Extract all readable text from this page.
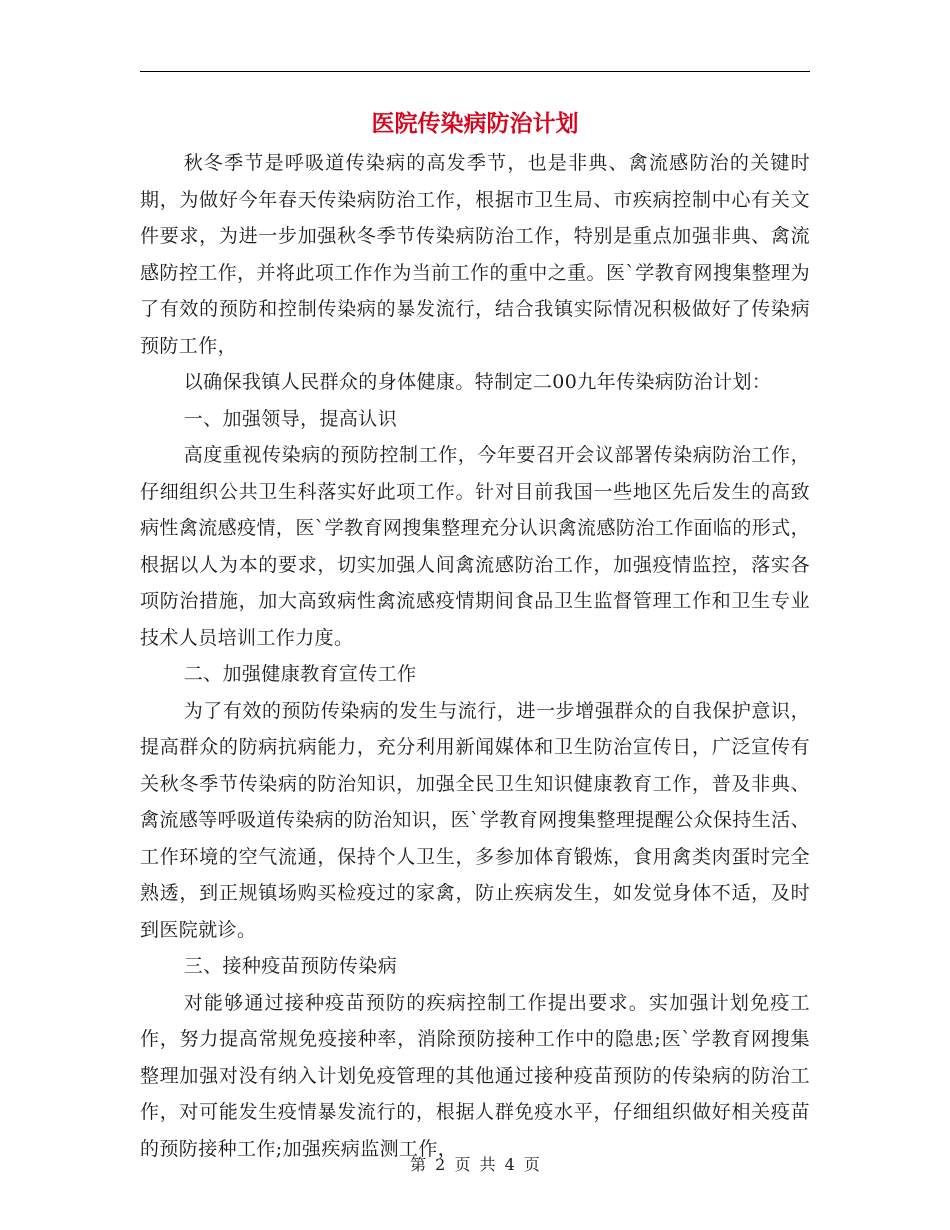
医院传染病防治计划

秋冬季节是呼吸道传染病的高发季节，也是非典、禽流感防治的关键时期，为做好今年春天传染病防治工作，根据市卫生局、市疾病控制中心有关文件要求，为进一步加强秋冬季节传染病防治工作，特别是重点加强非典、禽流感防控工作，并将此项工作作为当前工作的重中之重。医`学教育网搜集整理为了有效的预防和控制传染病的暴发流行，结合我镇实际情况积极做好了传染病预防工作，

以确保我镇人民群众的身体健康。特制定二00九年传染病防治计划：

一、加强领导，提高认识

高度重视传染病的预防控制工作，今年要召开会议部署传染病防治工作，仔细组织公共卫生科落实好此项工作。针对目前我国一些地区先后发生的高致病性禽流感疫情，医`学教育网搜集整理充分认识禽流感防治工作面临的形式，根据以人为本的要求，切实加强人间禽流感防治工作，加强疫情监控，落实各项防治措施，加大高致病性禽流感疫情期间食品卫生监督管理工作和卫生专业技术人员培训工作力度。

二、加强健康教育宣传工作

为了有效的预防传染病的发生与流行，进一步增强群众的自我保护意识，提高群众的防病抗病能力，充分利用新闻媒体和卫生防治宣传日，广泛宣传有关秋冬季节传染病的防治知识，加强全民卫生知识健康教育工作，普及非典、禽流感等呼吸道传染病的防治知识，医`学教育网搜集整理提醒公众保持生活、工作环境的空气流通，保持个人卫生，多参加体育锻炼，食用禽类肉蛋时完全熟透，到正规镇场购买检疫过的家禽，防止疾病发生，如发觉身体不适，及时到医院就诊。

三、接种疫苗预防传染病

对能够通过接种疫苗预防的疾病控制工作提出要求。实加强计划免疫工作，努力提高常规免疫接种率，消除预防接种工作中的隐患;医`学教育网搜集整理加强对没有纳入计划免疫管理的其他通过接种疫苗预防的传染病的防治工作，对可能发生疫情暴发流行的，根据人群免疫水平，仔细组织做好相关疫苗的预防接种工作;加强疾病监测工作，

第 2 页 共 4 页
